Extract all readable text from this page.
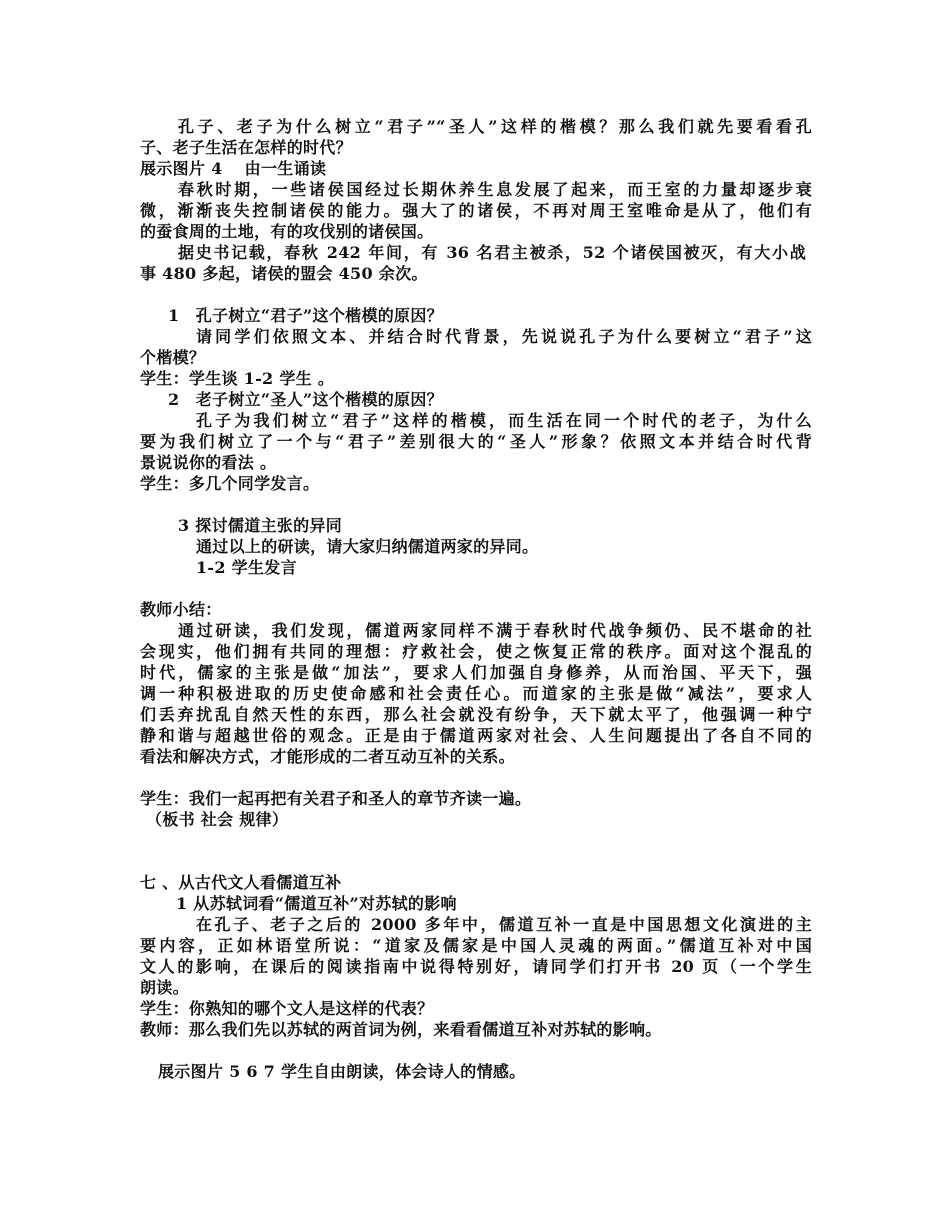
孔子、老子为什么树立“君子”“圣人”这样的楷模？那么我们就先要看看孔
子、老子生活在怎样的时代？
展示图片 4　 由一生诵读
春秋时期，一些诸侯国经过长期休养生息发展了起来，而王室的力量却逐步衰
微，渐渐丧失控制诸侯的能力。强大了的诸侯，不再对周王室唯命是从了，他们有
的蚕食周的土地，有的攻伐别的诸侯国。
据史书记载，春秋 242 年间，有 36 名君主被杀，52 个诸侯国被灭，有大小战
事 480 多起，诸侯的盟会 450 余次。
1　孔子树立“君子”这个楷模的原因？
请同学们依照文本、并结合时代背景，先说说孔子为什么要树立“君子”这
个楷模？
学生：学生谈 1-2 学生 。
2　老子树立“圣人”这个楷模的原因？
孔子为我们树立“君子”这样的楷模，而生活在同一个时代的老子，为什么
要为我们树立了一个与“君子”差别很大的“圣人”形象？依照文本并结合时代背
景说说你的看法 。
学生：多几个同学发言。
3 探讨儒道主张的异同
通过以上的研读，请大家归纳儒道两家的异同。
1-2 学生发言
教师小结：
通过研读，我们发现，儒道两家同样不满于春秋时代战争频仍、民不堪命的社
会现实，他们拥有共同的理想：疗救社会，使之恢复正常的秩序。面对这个混乱的
时代，儒家的主张是做“加法”，要求人们加强自身修养，从而治国、平天下，强
调一种积极进取的历史使命感和社会责任心。而道家的主张是做“减法”，要求人
们丢弃扰乱自然天性的东西，那么社会就没有纷争，天下就太平了，他强调一种宁
静和谐与超越世俗的观念。正是由于儒道两家对社会、人生问题提出了各自不同的
看法和解决方式，才能形成的二者互动互补的关系。
学生：我们一起再把有关君子和圣人的章节齐读一遍。
（板书 社会 规律）
七 、从古代文人看儒道互补
1 从苏轼词看“儒道互补”对苏轼的影响
在孔子、老子之后的 2000 多年中，儒道互补一直是中国思想文化演进的主
要内容，正如林语堂所说：“道家及儒家是中国人灵魂的两面。”儒道互补对中国
文人的影响，在课后的阅读指南中说得特别好，请同学们打开书 20 页（一个学生
朗读。
学生：你熟知的哪个文人是这样的代表？
教师：那么我们先以苏轼的两首词为例，来看看儒道互补对苏轼的影响。
展示图片 5 6 7 学生自由朗读，体会诗人的情感。
